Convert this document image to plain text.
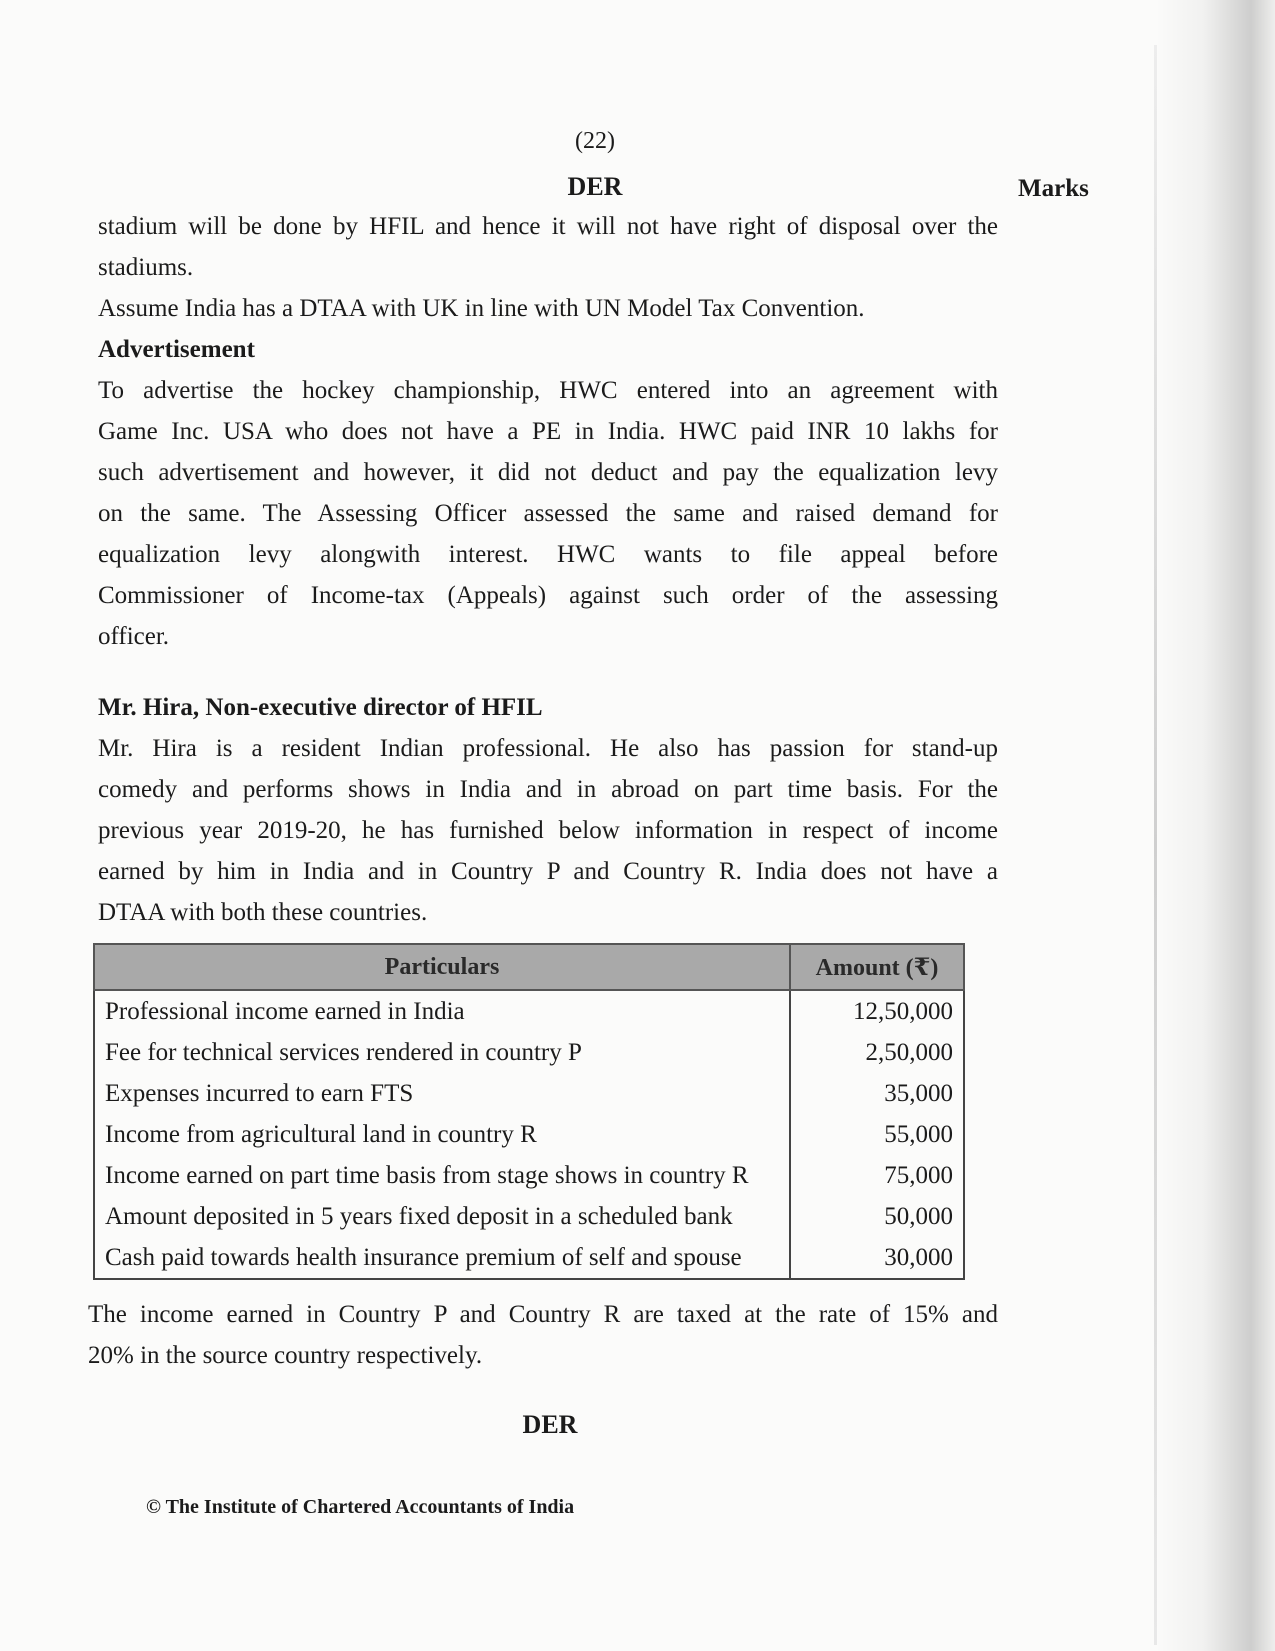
(22)
DER	Marks

stadium will be done by HFIL and hence it will not have right of disposal over the
stadiums.
Assume India has a DTAA with UK in line with UN Model Tax Convention.

Advertisement

To advertise the hockey championship, HWC entered into an agreement with
Game Inc. USA who does not have a PE in India. HWC paid INR 10 lakhs for
such advertisement and however, it did not deduct and pay the equalization levy
on the same. The Assessing Officer assessed the same and raised demand for
equalization levy alongwith interest. HWC wants to file appeal before
Commissioner of Income-tax (Appeals) against such order of the assessing
officer.

Mr. Hira, Non-executive director of HFIL

Mr. Hira is a resident Indian professional. He also has passion for stand-up
comedy and performs shows in India and in abroad on part time basis. For the
previous year 2019-20, he has furnished below information in respect of income
earned by him in India and in Country P and Country R. India does not have a
DTAA with both these countries.

Particulars	Amount (₹)
Professional income earned in India	12,50,000
Fee for technical services rendered in country P	2,50,000
Expenses incurred to earn FTS	35,000
Income from agricultural land in country R	55,000
Income earned on part time basis from stage shows in country R	75,000
Amount deposited in 5 years fixed deposit in a scheduled bank	50,000
Cash paid towards health insurance premium of self and spouse	30,000

The income earned in Country P and Country R are taxed at the rate of 15% and
20% in the source country respectively.

DER
© The Institute of Chartered Accountants of India
